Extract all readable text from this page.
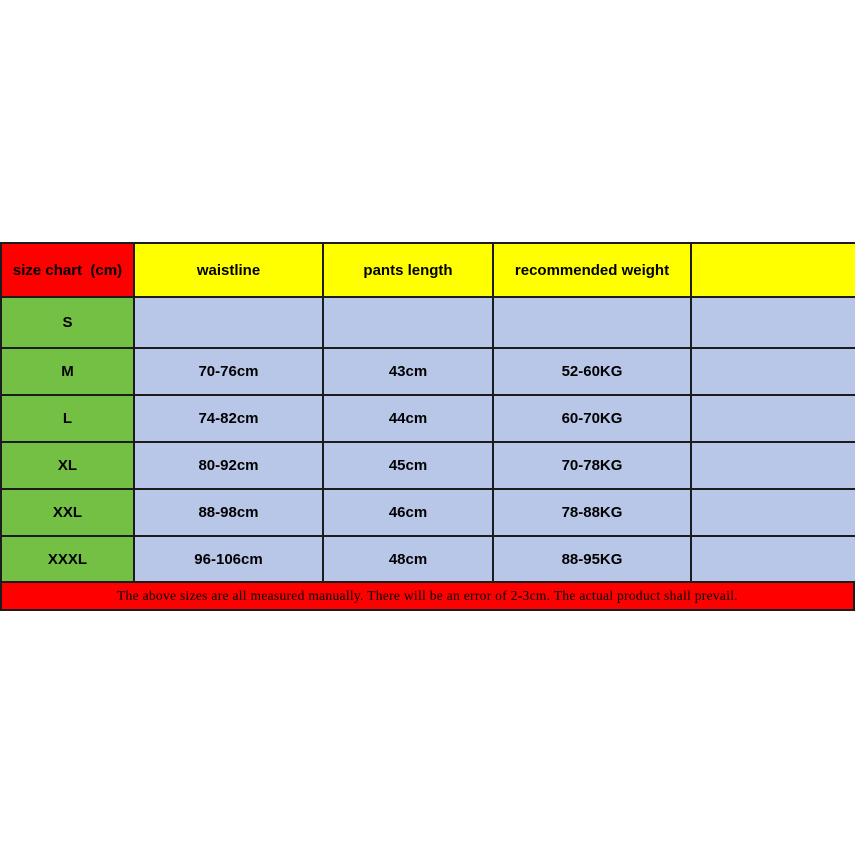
size chart  (cm)	waistline	pants length	recommended weight	
S				
M	70-76cm	43cm	52-60KG	
L	74-82cm	44cm	60-70KG	
XL	80-92cm	45cm	70-78KG	
XXL	88-98cm	46cm	78-88KG	
XXXL	96-106cm	48cm	88-95KG	
The above sizes are all measured manually. There will be an error of 2-3cm. The actual product shall prevail.
